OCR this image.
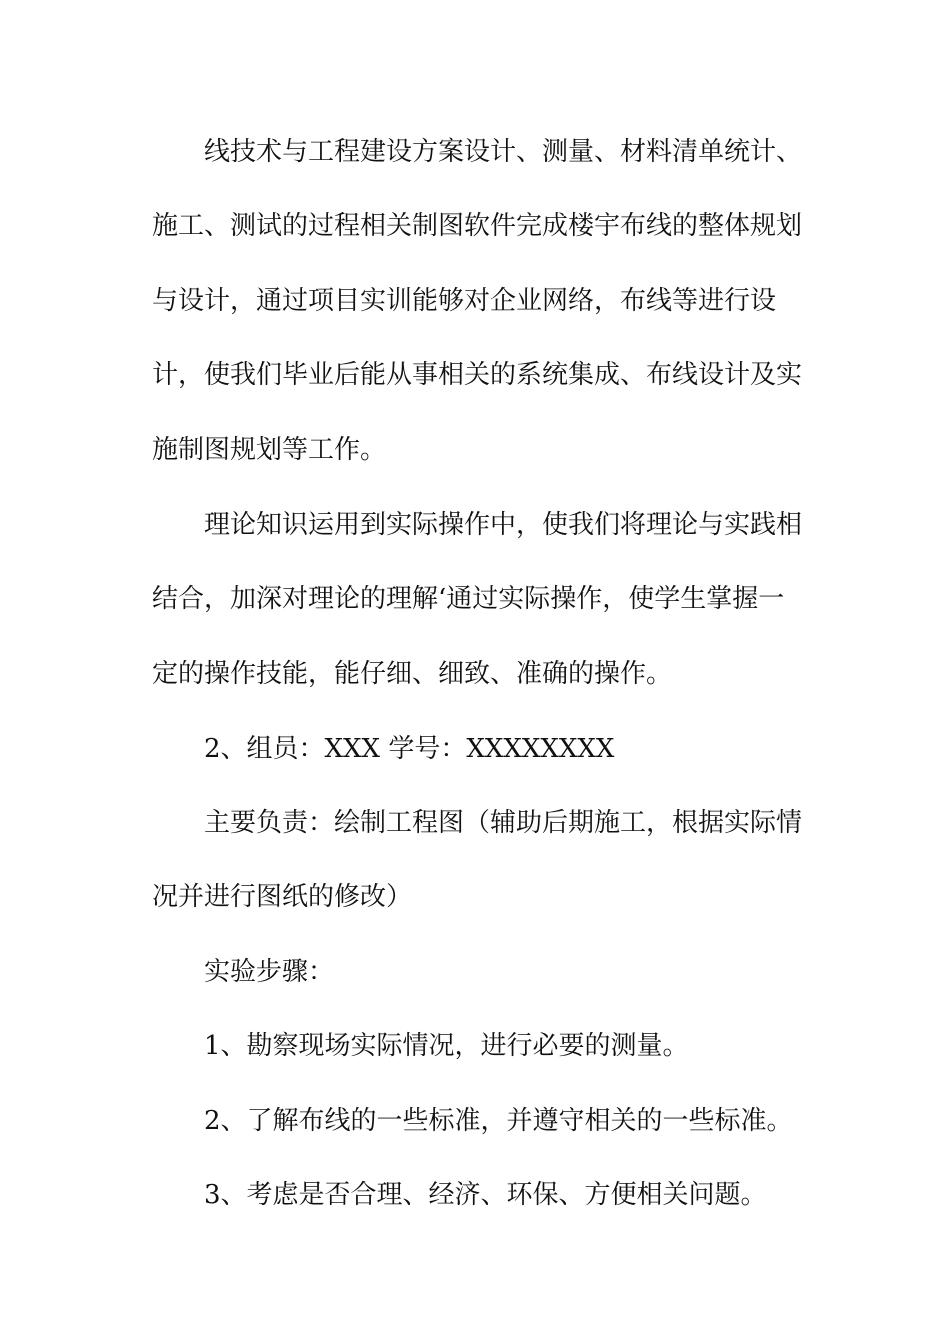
线技术与工程建设方案设计、测量、材料清单统计、
施工、测试的过程相关制图软件完成楼宇布线的整体规划
与设计，通过项目实训能够对企业网络，布线等进行设
计，使我们毕业后能从事相关的系统集成、布线设计及实
施制图规划等工作。
理论知识运用到实际操作中，使我们将理论与实践相
结合，加深对理论的理解‘通过实际操作，使学生掌握一
定的操作技能，能仔细、细致、准确的操作。
2、组员：XXX 学号：XXXXXXXX
主要负责：绘制工程图（辅助后期施工，根据实际情
况并进行图纸的修改）
实验步骤：
1、勘察现场实际情况，进行必要的测量。
2、了解布线的一些标准，并遵守相关的一些标准。
3、考虑是否合理、经济、环保、方便相关问题。
